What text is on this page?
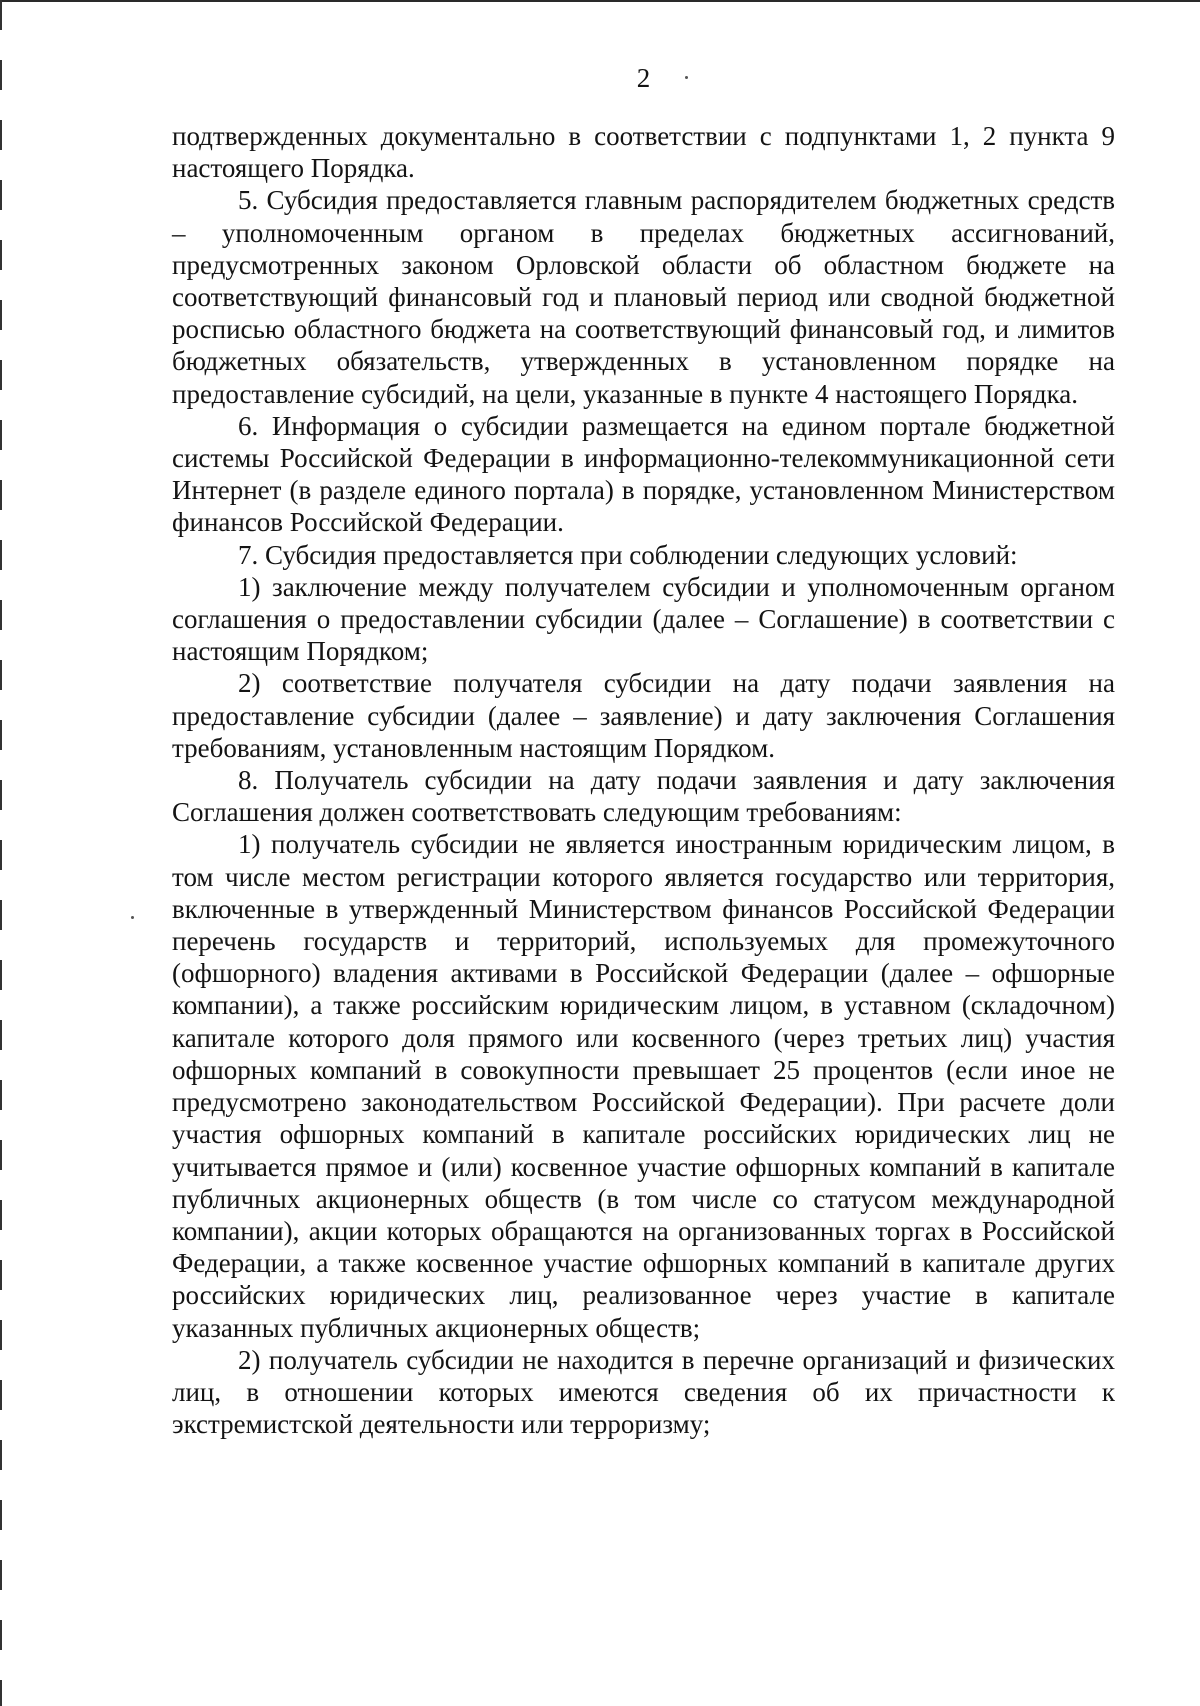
2

подтвержденных документально в соответствии с подпунктами 1, 2 пункта 9 настоящего Порядка.

5. Субсидия предоставляется главным распорядителем бюджетных средств – уполномоченным органом в пределах бюджетных ассигнований, предусмотренных законом Орловской области об областном бюджете на соответствующий финансовый год и плановый период или сводной бюджетной росписью областного бюджета на соответствующий финансовый год, и лимитов бюджетных обязательств, утвержденных в установленном порядке на предоставление субсидий, на цели, указанные в пункте 4 настоящего Порядка.

6. Информация о субсидии размещается на едином портале бюджетной системы Российской Федерации в информационно-телекоммуникационной сети Интернет (в разделе единого портала) в порядке, установленном Министерством финансов Российской Федерации.

7. Субсидия предоставляется при соблюдении следующих условий:

1) заключение между получателем субсидии и уполномоченным органом соглашения о предоставлении субсидии (далее – Соглашение) в соответствии с настоящим Порядком;

2) соответствие получателя субсидии на дату подачи заявления на предоставление субсидии (далее – заявление) и дату заключения Соглашения требованиям, установленным настоящим Порядком.

8. Получатель субсидии на дату подачи заявления и дату заключения Соглашения должен соответствовать следующим требованиям:

1) получатель субсидии не является иностранным юридическим лицом, в том числе местом регистрации которого является государство или территория, включенные в утвержденный Министерством финансов Российской Федерации перечень государств и территорий, используемых для промежуточного (офшорного) владения активами в Российской Федерации (далее – офшорные компании), а также российским юридическим лицом, в уставном (складочном) капитале которого доля прямого или косвенного (через третьих лиц) участия офшорных компаний в совокупности превышает 25 процентов (если иное не предусмотрено законодательством Российской Федерации). При расчете доли участия офшорных компаний в капитале российских юридических лиц не учитывается прямое и (или) косвенное участие офшорных компаний в капитале публичных акционерных обществ (в том числе со статусом международной компании), акции которых обращаются на организованных торгах в Российской Федерации, а также косвенное участие офшорных компаний в капитале других российских юридических лиц, реализованное через участие в капитале указанных публичных акционерных обществ;

2) получатель субсидии не находится в перечне организаций и физических лиц, в отношении которых имеются сведения об их причастности к экстремистской деятельности или терроризму;
